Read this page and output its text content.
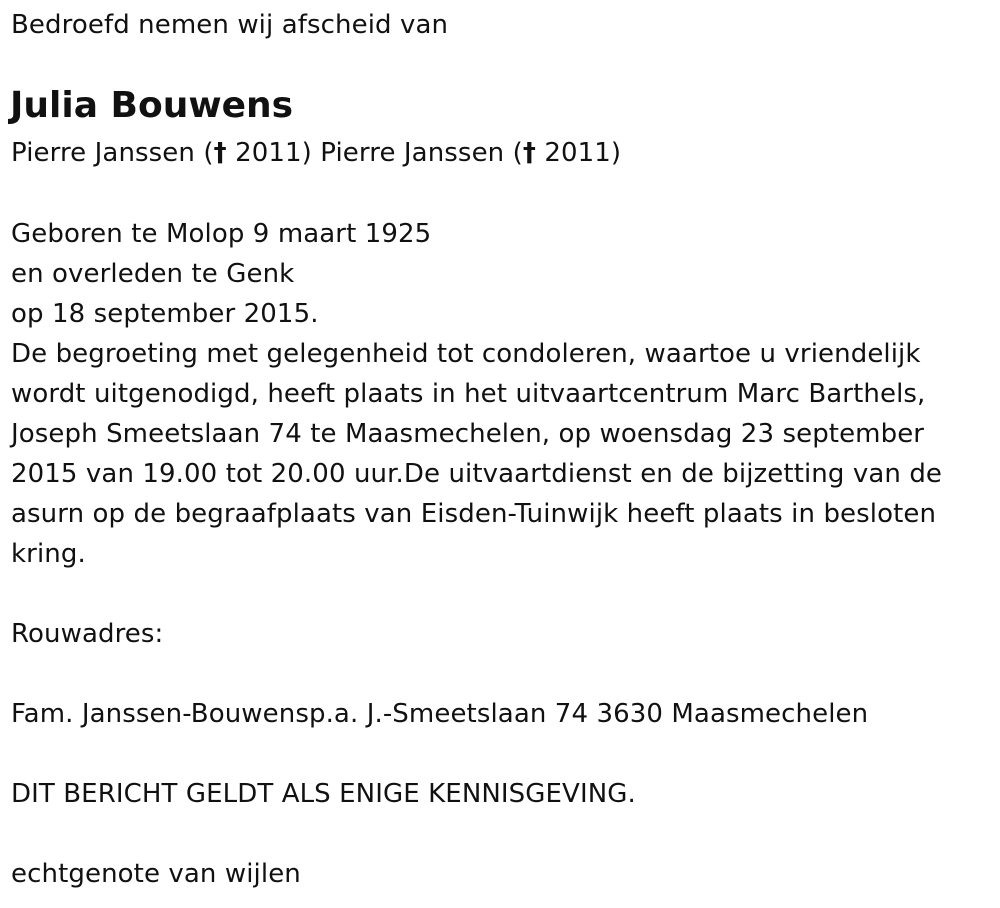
Bedroefd nemen wij afscheid van
Julia Bouwens
Pierre Janssen († 2011) Pierre Janssen († 2011)
Geboren te Molop 9 maart 1925
en overleden te Genk
op 18 september 2015.
De begroeting met gelegenheid tot condoleren, waartoe u vriendelijk
wordt uitgenodigd, heeft plaats in het uitvaartcentrum Marc Barthels,
Joseph Smeetslaan 74 te Maasmechelen, op woensdag 23 september
2015 van 19.00 tot 20.00 uur.De uitvaartdienst en de bijzetting van de
asurn op de begraafplaats van Eisden-Tuinwijk heeft plaats in besloten
kring.
Rouwadres:
Fam. Janssen-Bouwensp.a. J.-Smeetslaan 74 3630 Maasmechelen
DIT BERICHT GELDT ALS ENIGE KENNISGEVING.
echtgenote van wijlen
